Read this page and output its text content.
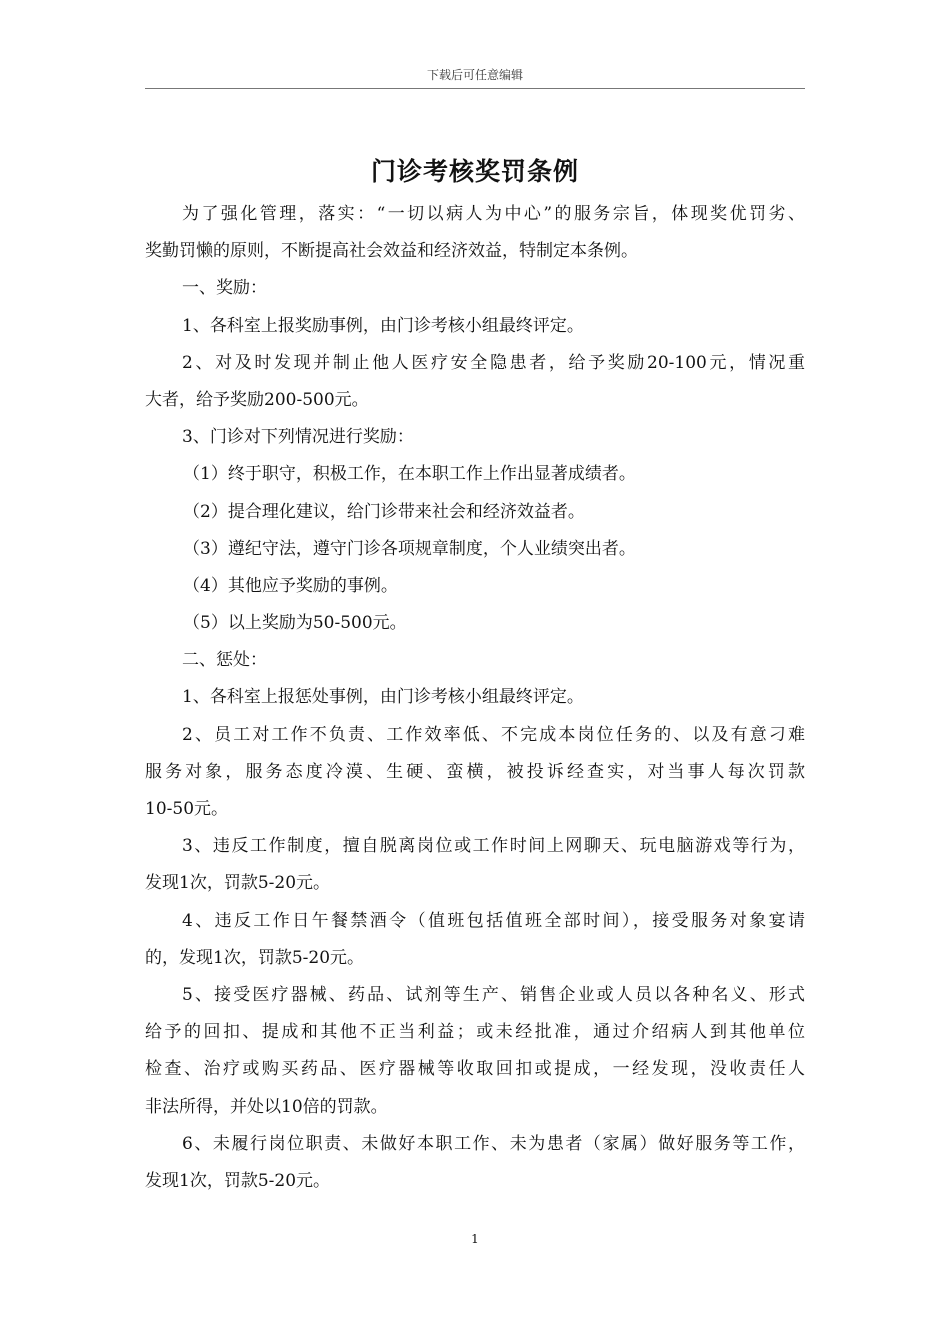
下载后可任意编辑
门诊考核奖罚条例
为了强化管理，落实：“一切以病人为中心”的服务宗旨，体现奖优罚劣、
奖勤罚懒的原则，不断提高社会效益和经济效益，特制定本条例。
一、奖励：
1、各科室上报奖励事例，由门诊考核小组最终评定。
2、对及时发现并制止他人医疗安全隐患者，给予奖励20-100元，情况重
大者，给予奖励200-500元。
3、门诊对下列情况进行奖励：
（1）终于职守，积极工作，在本职工作上作出显著成绩者。
（2）提合理化建议，给门诊带来社会和经济效益者。
（3）遵纪守法，遵守门诊各项规章制度，个人业绩突出者。
（4）其他应予奖励的事例。
（5）以上奖励为50-500元。
二、惩处：
1、各科室上报惩处事例，由门诊考核小组最终评定。
2、员工对工作不负责、工作效率低、不完成本岗位任务的、以及有意刁难
服务对象，服务态度冷漠、生硬、蛮横，被投诉经查实，对当事人每次罚款
10-50元。
3、违反工作制度，擅自脱离岗位或工作时间上网聊天、玩电脑游戏等行为，
发现1次，罚款5-20元。
4、违反工作日午餐禁酒令（值班包括值班全部时间），接受服务对象宴请
的，发现1次，罚款5-20元。
5、接受医疗器械、药品、试剂等生产、销售企业或人员以各种名义、形式
给予的回扣、提成和其他不正当利益；或未经批准，通过介绍病人到其他单位
检查、治疗或购买药品、医疗器械等收取回扣或提成，一经发现，没收责任人
非法所得，并处以10倍的罚款。
6、未履行岗位职责、未做好本职工作、未为患者（家属）做好服务等工作，
发现1次，罚款5-20元。
1
